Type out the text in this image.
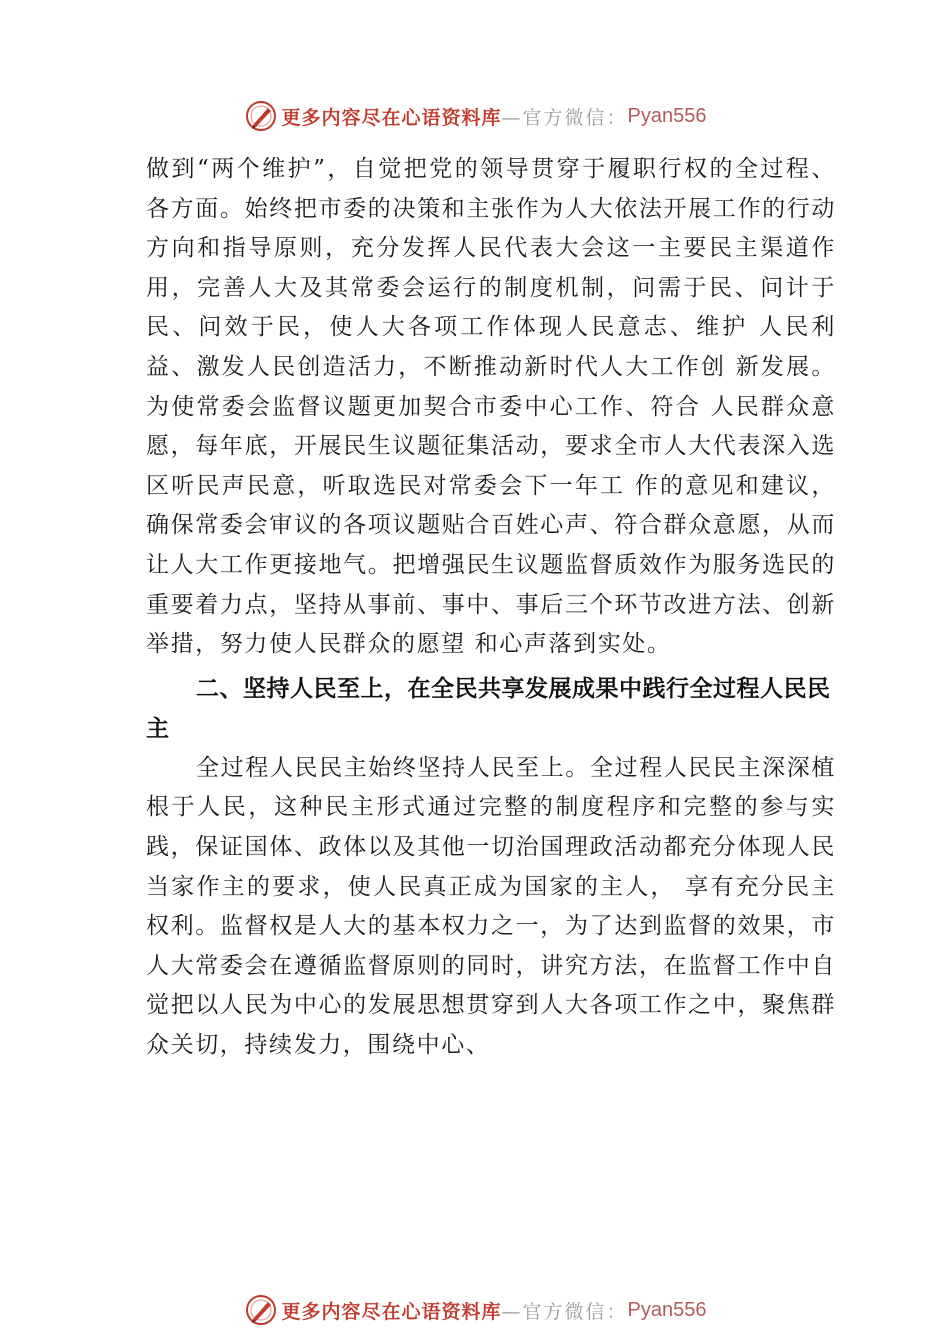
更多内容尽在心语资料库 —官方微信： Pyan556

做到“两个维护”，自觉把党的领导贯穿于履职行权的全过程、各方面。始终把市委的决策和主张作为人大依法开展工作的行动方向和指导原则，充分发挥人民代表大会这一主要民主渠道作用，完善人大及其常委会运行的制度机制，问需于民、问计于民、问效于民，使人大各项工作体现人民意志、维护 人民利益、激发人民创造活力，不断推动新时代人大工作创 新发展。为使常委会监督议题更加契合市委中心工作、符合 人民群众意愿，每年底，开展民生议题征集活动，要求全市人大代表深入选区听民声民意，听取选民对常委会下一年工 作的意见和建议，确保常委会审议的各项议题贴合百姓心声、符合群众意愿，从而让人大工作更接地气。把增强民生议题监督质效作为服务选民的重要着力点，坚持从事前、事中、事后三个环节改进方法、创新举措，努力使人民群众的愿望 和心声落到实处。

二、坚持人民至上，在全民共享发展成果中践行全过程人民民主

全过程人民民主始终坚持人民至上。全过程人民民主深深植根于人民，这种民主形式通过完整的制度程序和完整的参与实践，保证国体、政体以及其他一切治国理政活动都充分体现人民当家作主的要求，使人民真正成为国家的主人， 享有充分民主权利。监督权是人大的基本权力之一，为了达到监督的效果，市人大常委会在遵循监督原则的同时，讲究方法，在监督工作中自觉把以人民为中心的发展思想贯穿到人大各项工作之中，聚焦群众关切，持续发力，围绕中心、

更多内容尽在心语资料库 —官方微信： Pyan556
